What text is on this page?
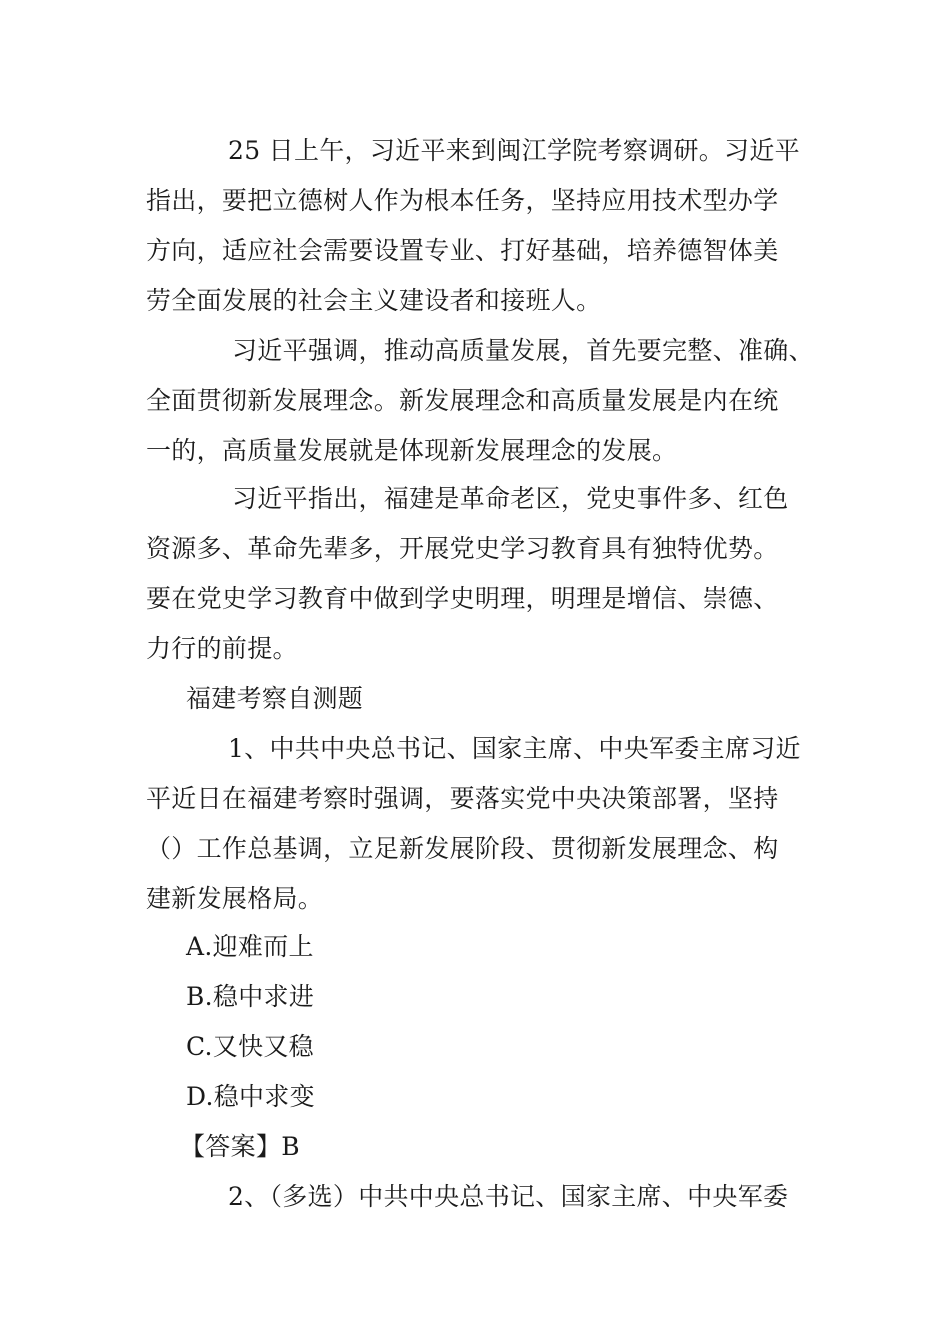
25 日上午，习近平来到闽江学院考察调研。习近平
指出，要把立德树人作为根本任务，坚持应用技术型办学
方向，适应社会需要设置专业、打好基础，培养德智体美
劳全面发展的社会主义建设者和接班人。
习近平强调，推动高质量发展，首先要完整、准确、
全面贯彻新发展理念。新发展理念和高质量发展是内在统
一的，高质量发展就是体现新发展理念的发展。
习近平指出，福建是革命老区，党史事件多、红色
资源多、革命先辈多，开展党史学习教育具有独特优势。
要在党史学习教育中做到学史明理，明理是增信、崇德、
力行的前提。
福建考察自测题
1、中共中央总书记、国家主席、中央军委主席习近
平近日在福建考察时强调，要落实党中央决策部署，坚持
（）工作总基调，立足新发展阶段、贯彻新发展理念、构
建新发展格局。
A.迎难而上
B.稳中求进
C.又快又稳
D.稳中求变
【答案】B
2、（多选）中共中央总书记、国家主席、中央军委
